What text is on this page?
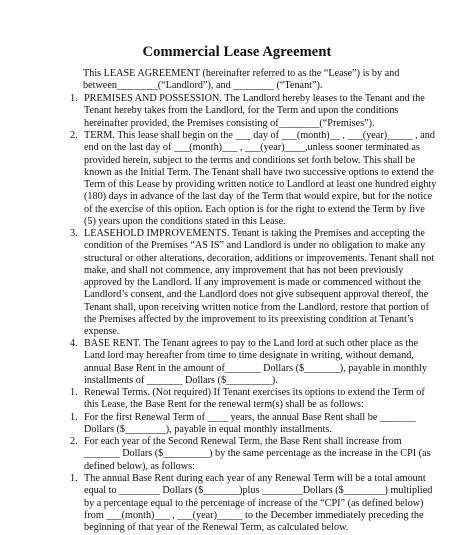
Commercial Lease Agreement
This LEASE AGREEMENT (hereinafter referred to as the “Lease”) is by and
between________(“Landlord”), and ________ (“Tenant”).
1. PREMISES AND POSSESSION. The Landlord hereby leases to the Tenant and the
Tenant hereby takes from the Landlord, for the Term and upon the conditions
hereinafter provided, the Premises consisting of________(“Premises”).
2. TERM. This lease shall begin on the ___ day of ___(month)__ , ___(year)_____ , and
end on the last day of ___(month)___ , ___(year)____,unless sooner terminated as
provided herein, subject to the terms and conditions set forth below. This shall be
known as the Initial Term. The Tenant shall have two successive options to extend the
Term of this Lease by providing written notice to Landlord at least one hundred eighty
(180) days in advance of the last day of the Term that would expire, but for the notice
of the exercise of this option. Each option is for the right to extend the Term by five
(5) years upon the conditions stated in this Lease.
3. LEASEHOLD IMPROVEMENTS. Tenant is taking the Premises and accepting the
condition of the Premises “AS IS” and Landlord is under no obligation to make any
structural or other alterations, decoration, additions or improvements. Tenant shall not
make, and shall not commence, any improvement that has not been previously
approved by the Landlord. If any improvement is made or commenced without the
Landlord’s consent, and the Landlord does not give subsequent approval thereof, the
Tenant shall, upon receiving written notice from the Landlord, restore that portion of
the Premises affected by the improvement to its preexisting condition at Tenant’s
expense.
4. BASE RENT. The Tenant agrees to pay to the Land lord at such other place as the
Land lord may hereafter from time to time designate in writing, without demand,
annual Base Rent in the amount of_______ Dollars ($_______), payable in monthly
installments of _______ Dollars ($_________).
1. Renewal Terms. (Not required) If Tenant exercises its options to extend the Term of
this Lease, the Base Rent for the renewal term(s) shall be as follows:
1. For the first Renewal Term of ____ years, the annual Base Rent shall be _______
Dollars ($________), payable in equal monthly installments.
2. For each year of the Second Renewal Term, the Base Rent shall increase from
_______ Dollars ($_________) by the same percentage as the increase in the CPI (as
defined below), as follows:
1. The annual Base Rent during each year of any Renewal Term will be a total amount
equal to ________ Dollars ($_______)plus ________Dollars ($________) multiplied
by a percentage equal to the percentage of increase of the “CPI” (as defined below)
from ___(month)___ , ___(year)_____ to the December immediately preceding the
beginning of that year of the Renewal Term, as calculated below.
